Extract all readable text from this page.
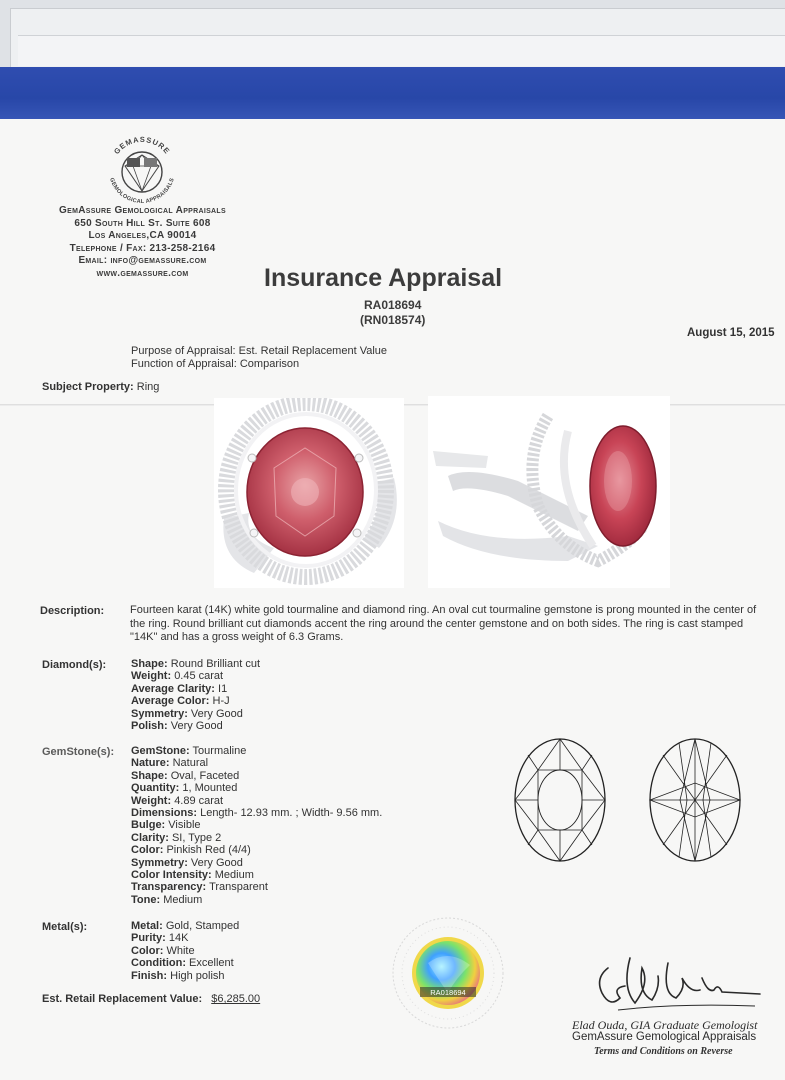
GEMASSURE
GEMOLOGICAL APPRAISALS
GemAssure Gemological Appraisals
650 South Hill St. Suite 608
Los Angeles,CA 90014
Telephone / Fax: 213-258-2164
Email: info@gemassure.com
www.gemassure.com	Insurance Appraisal
RA018694
(RN018574)
August 15, 2015
Purpose of Appraisal: Est. Retail Replacement Value
Function of Appraisal: Comparison
Subject Property: Ring
Description: Fourteen karat (14K) white gold tourmaline and diamond ring. An oval cut tourmaline gemstone is prong mounted in the center of the ring. Round brilliant cut diamonds accent the ring around the center gemstone and on both sides. The ring is cast stamped "14K" and has a gross weight of 6.3 Grams.
Diamond(s): Shape: Round Brilliant cut
Weight: 0.45 carat
Average Clarity: I1
Average Color: H-J
Symmetry: Very Good
Polish: Very Good
GemStone(s): GemStone: Tourmaline
Nature: Natural
Shape: Oval, Faceted
Quantity: 1, Mounted
Weight: 4.89 carat
Dimensions: Length- 12.93 mm. ; Width- 9.56 mm.
Bulge: Visible
Clarity: SI, Type 2
Color: Pinkish Red (4/4)
Symmetry: Very Good
Color Intensity: Medium
Transparency: Transparent
Tone: Medium
Metal(s):	Metal: Gold, Stamped
Purity: 14K
Color: White
Condition: Excellent
Finish: High polish
RA018694
Est. Retail Replacement Value: $6,285.00
Elad Ouda, GIA Graduate Gemologist
GemAssure Gemological Appraisals
Terms and Conditions on Reverse
